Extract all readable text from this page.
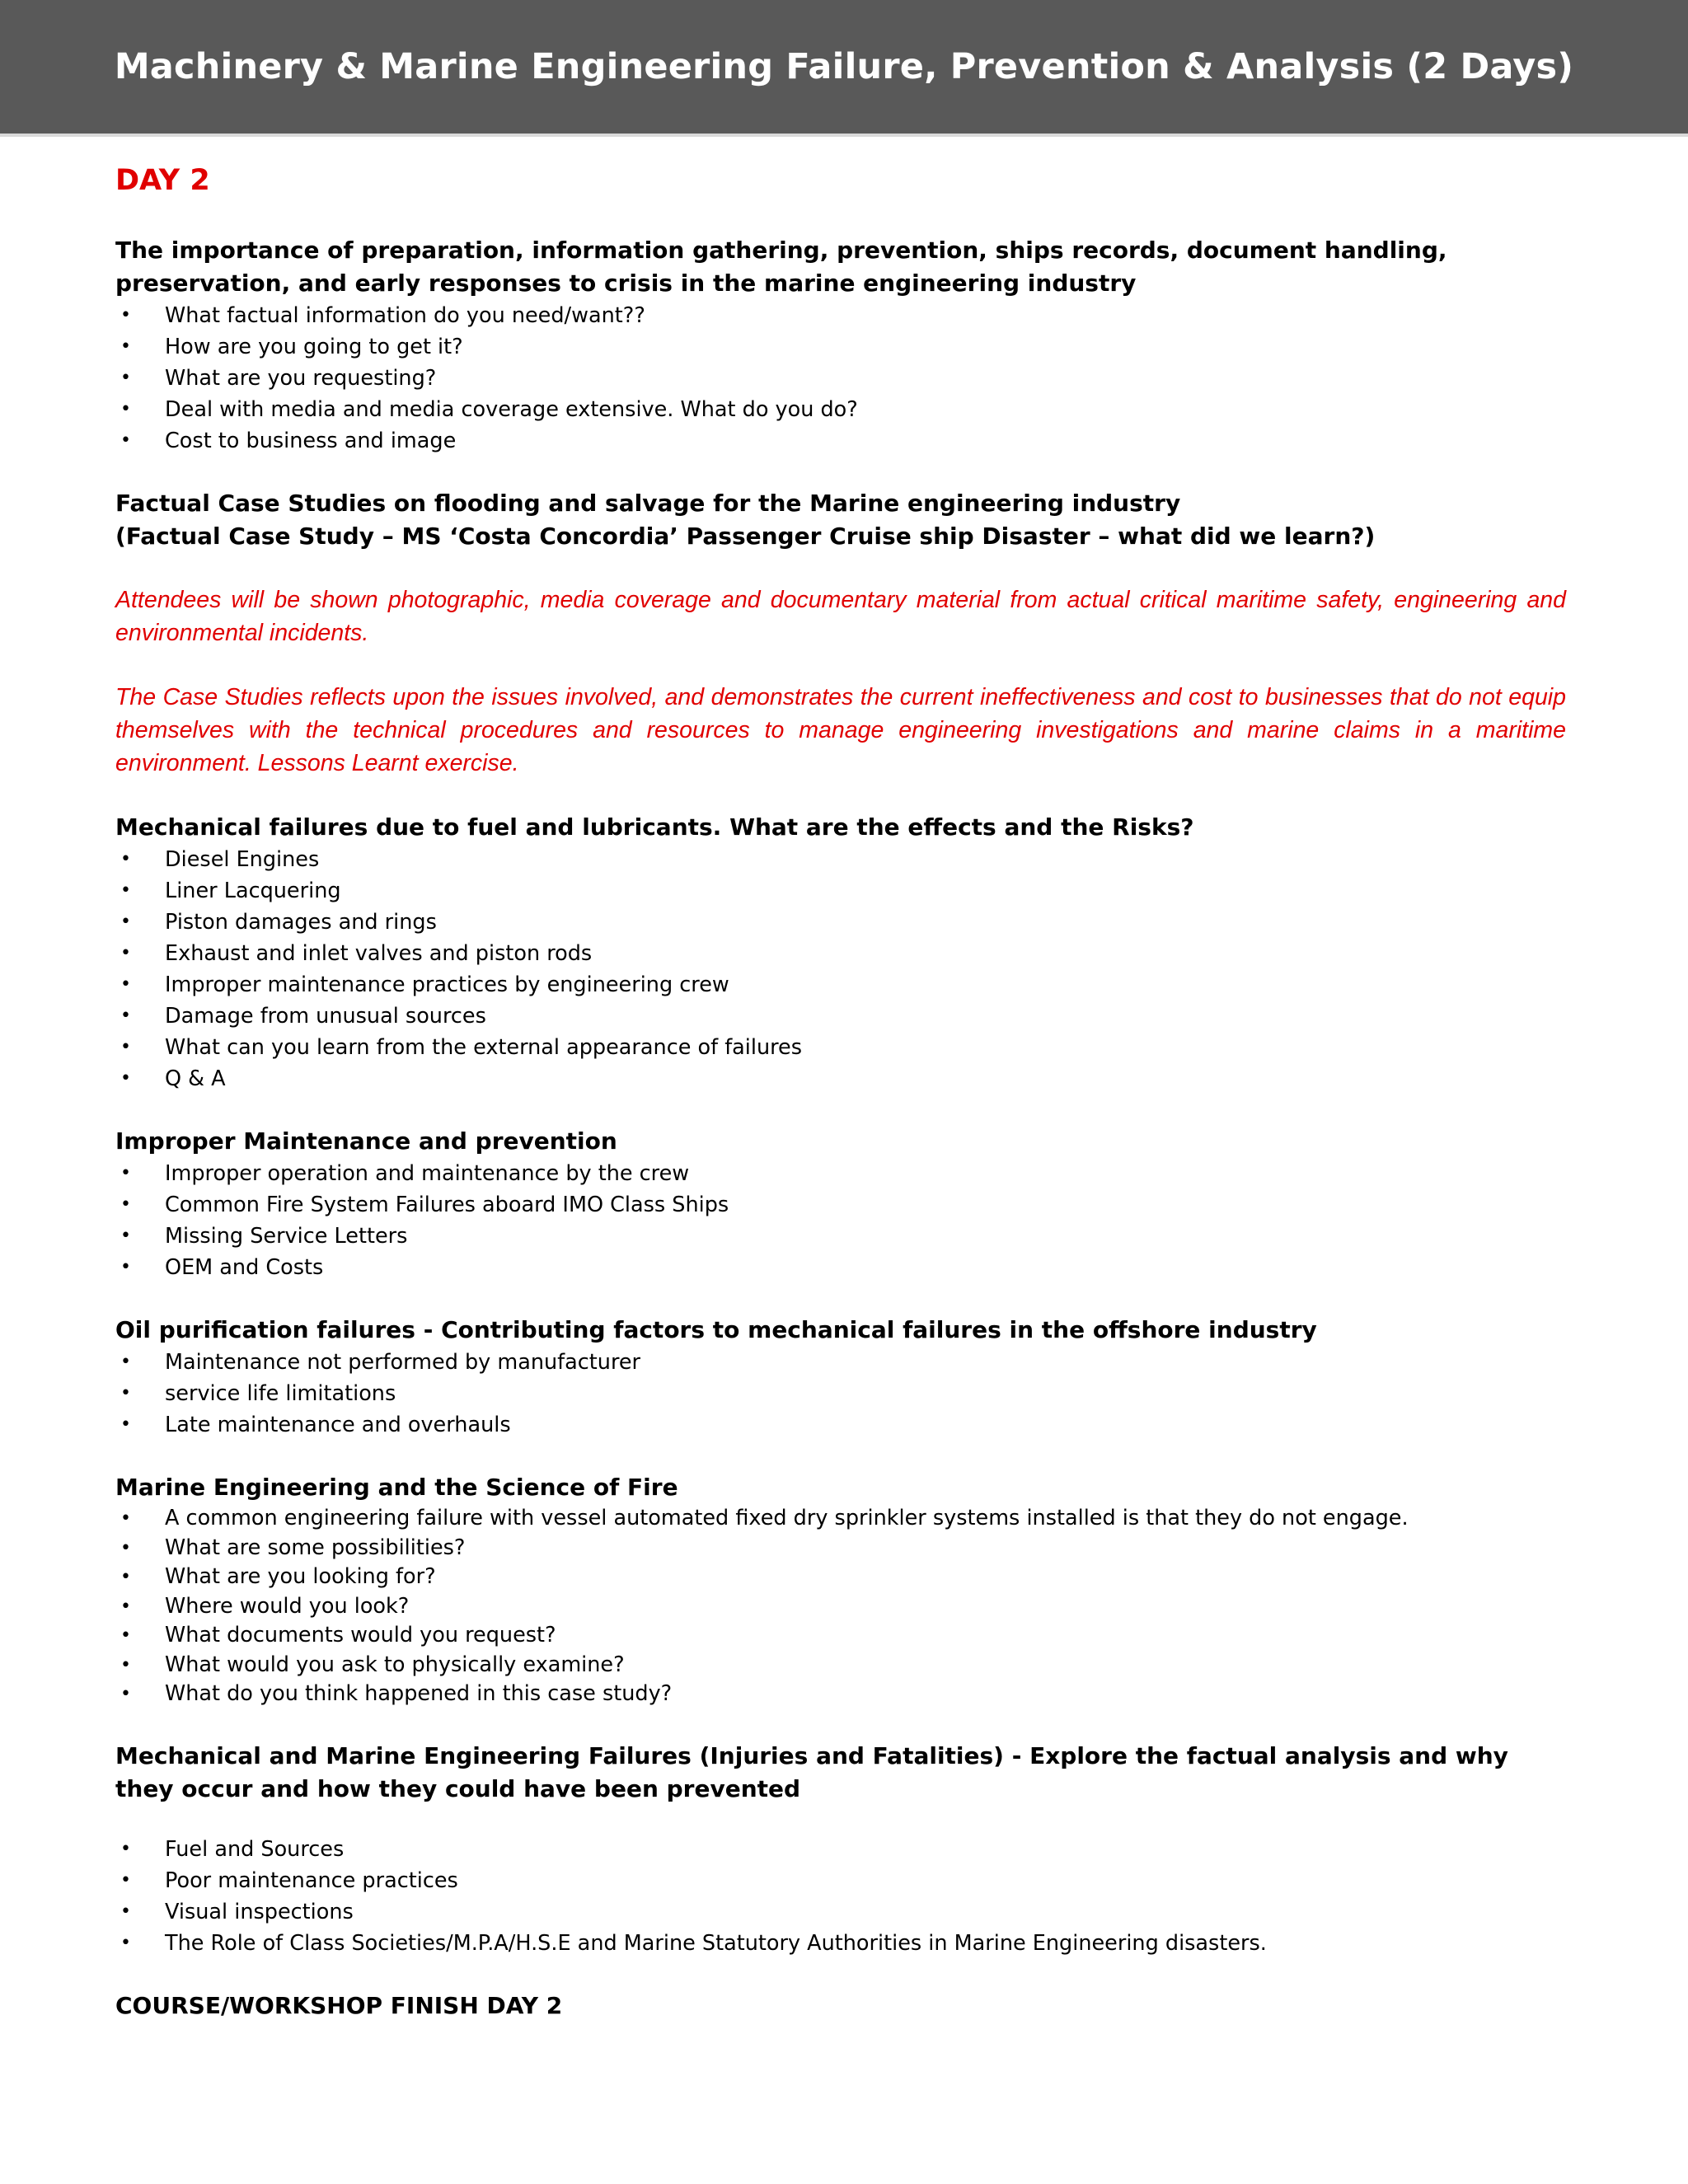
Machinery & Marine Engineering Failure, Prevention & Analysis (2 Days)
DAY 2

The importance of preparation, information gathering, prevention, ships records, document handling, preservation, and early responses to crisis in the marine engineering industry

• What factual information do you need/want??
• How are you going to get it?
• What are you requesting?
• Deal with media and media coverage extensive. What do you do?
• Cost to business and image

Factual Case Studies on flooding and salvage for the Marine engineering industry

(Factual Case Study – MS ‘Costa Concordia’ Passenger Cruise ship Disaster – what did we learn?)

Attendees will be shown photographic, media coverage and documentary material from actual critical maritime safety, engineering and environmental incidents.

The Case Studies reflects upon the issues involved, and demonstrates the current ineffectiveness and cost to businesses that do not equip themselves with the technical procedures and resources to manage engineering investigations and marine claims in a maritime environment. Lessons Learnt exercise.

Mechanical failures due to fuel and lubricants. What are the effects and the Risks?

• Diesel Engines
• Liner Lacquering
• Piston damages and rings
• Exhaust and inlet valves and piston rods
• Improper maintenance practices by engineering crew
• Damage from unusual sources
• What can you learn from the external appearance of failures
• Q & A

Improper Maintenance and prevention

• Improper operation and maintenance by the crew
• Common Fire System Failures aboard IMO Class Ships
• Missing Service Letters
• OEM and Costs

Oil purification failures - Contributing factors to mechanical failures in the offshore industry

• Maintenance not performed by manufacturer
• service life limitations
• Late maintenance and overhauls

Marine Engineering and the Science of Fire

• A common engineering failure with vessel automated fixed dry sprinkler systems installed is that they do not engage.
• What are some possibilities?
• What are you looking for?
• Where would you look?
• What documents would you request?
• What would you ask to physically examine?
• What do you think happened in this case study?

Mechanical and Marine Engineering Failures (Injuries and Fatalities) - Explore the factual analysis and why they occur and how they could have been prevented

• Fuel and Sources
• Poor maintenance practices
• Visual inspections
• The Role of Class Societies/M.P.A/H.S.E and Marine Statutory Authorities in Marine Engineering disasters.
COURSE/WORKSHOP FINISH DAY 2
